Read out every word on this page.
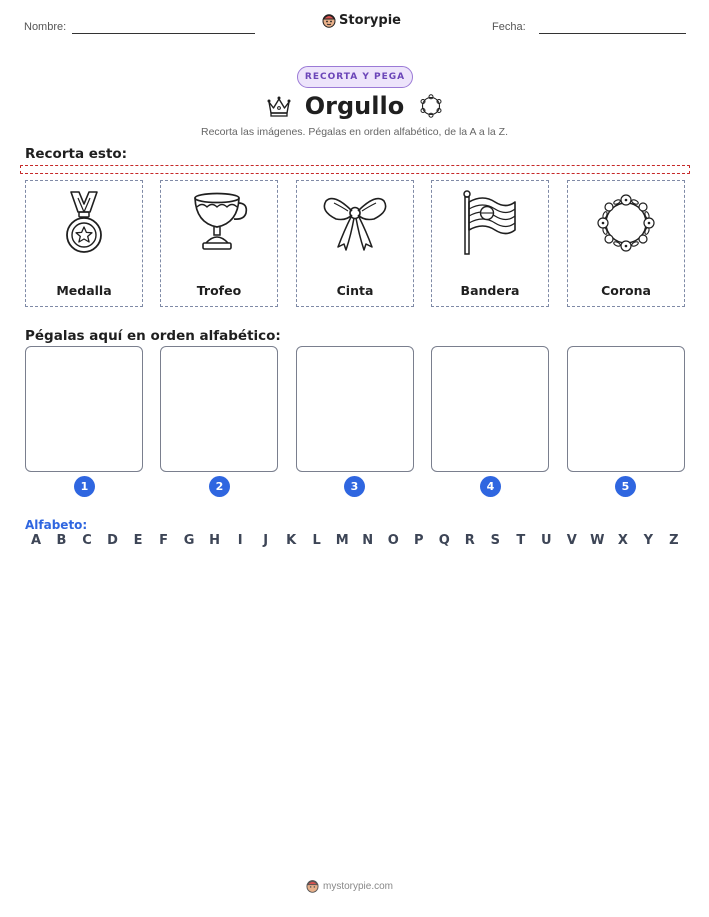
Nombre:	Storypie	Fecha:
RECORTA Y PEGA
Orgullo
Recorta las imágenes. Pégalas en orden alfabético, de la A a la Z.
Recorta esto:
Medalla	Trofeo	Cinta	Bandera	Corona
Pégalas aquí en orden alfabético:
1	2	3	4	5
Alfabeto:
A	B	C	D	E	F	G H	I	J	K	L	M N O	P	Q	R	S	T	U	V	W	X	Y	Z
mystorypie.com
